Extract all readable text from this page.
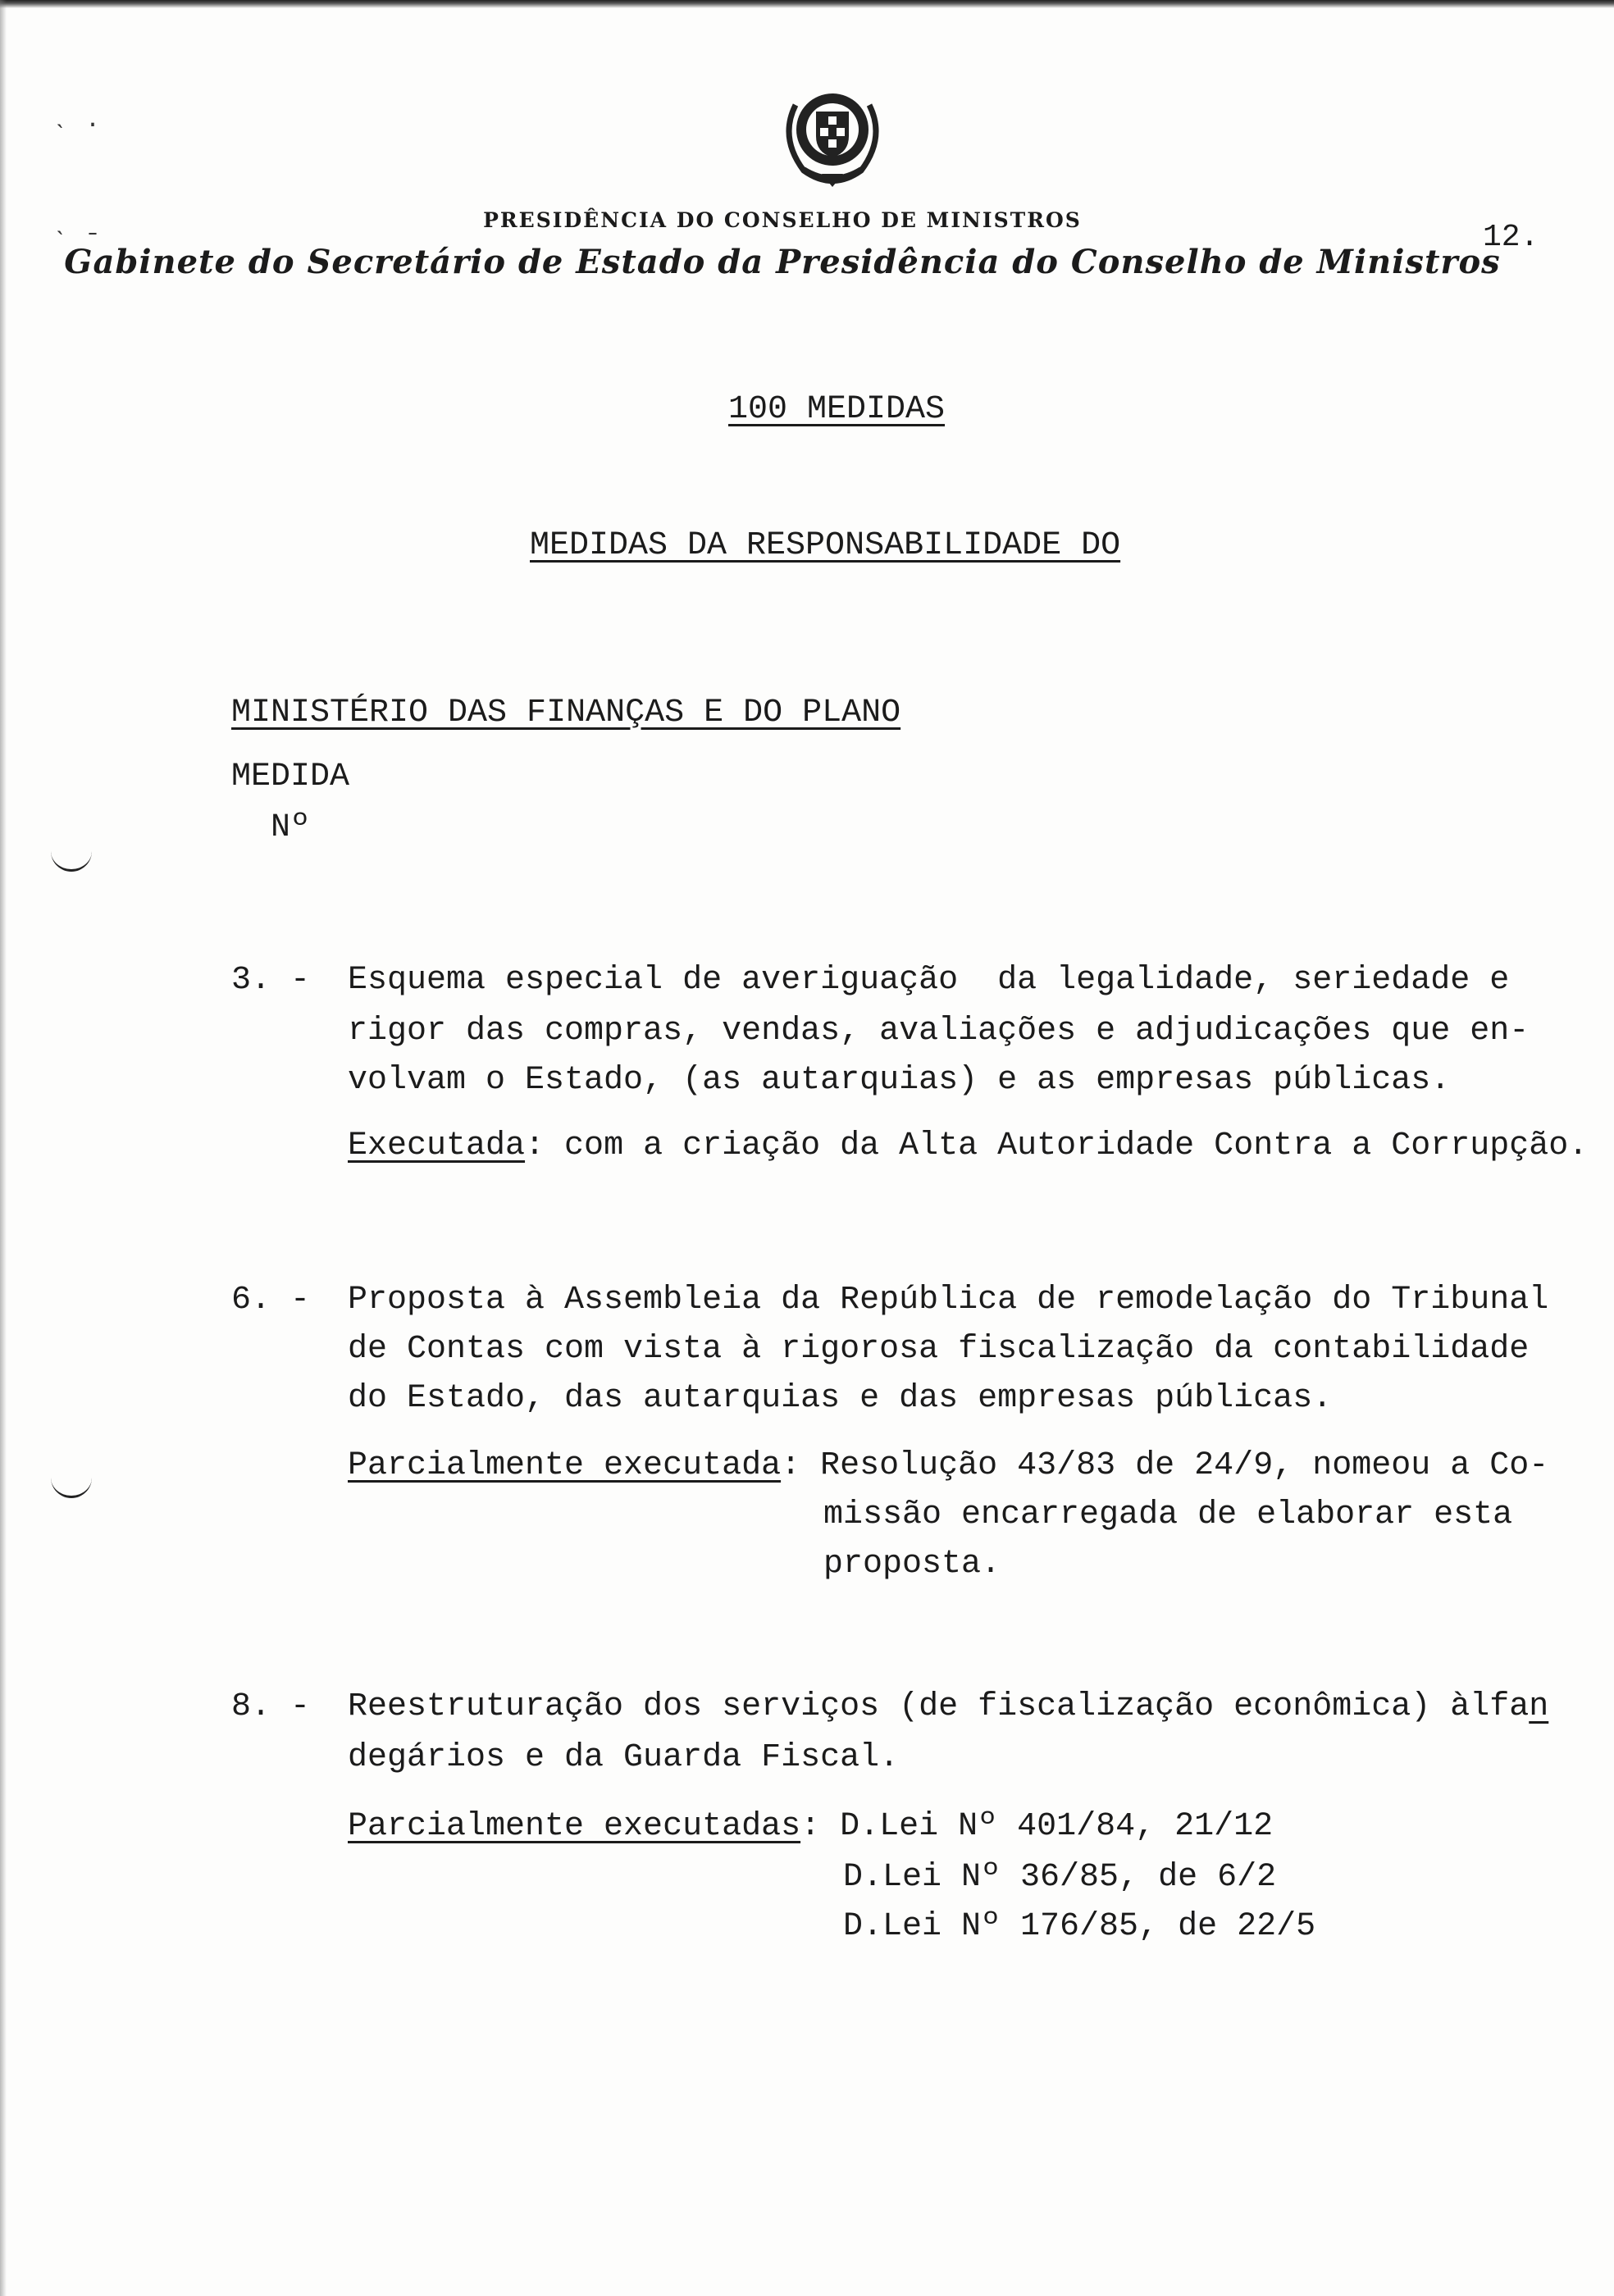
˴ ·
˴ ˗	PRESIDÊNCIA DO CONSELHO DE MINISTROS
Gabinete do Secretário de Estado da Presidência do Conselho de Ministros
12.
100 MEDIDAS
MEDIDAS DA RESPONSABILIDADE DO
MINISTÉRIO DAS FINANÇAS E DO PLANO
MEDIDA
Nº
3. - Esquema especial de averiguação  da legalidade, seriedade e
rigor das compras, vendas, avaliações e adjudicações que en-
volvam o Estado, (as autarquias) e as empresas públicas.
Executada: com a criação da Alta Autoridade Contra a Corrupção.
6. - Proposta à Assembleia da República de remodelação do Tribunal
de Contas com vista à rigorosa fiscalização da contabilidade
do Estado, das autarquias e das empresas públicas.
Parcialmente executada: Resolução 43/83 de 24/9, nomeou a Co-
missão encarregada de elaborar esta
proposta.
8. - Reestruturação dos serviços (de fiscalização econômica) àlfan
degários e da Guarda Fiscal.
Parcialmente executadas: D.Lei Nº 401/84, 21/12
D.Lei Nº 36/85, de 6/2
D.Lei Nº 176/85, de 22/5
